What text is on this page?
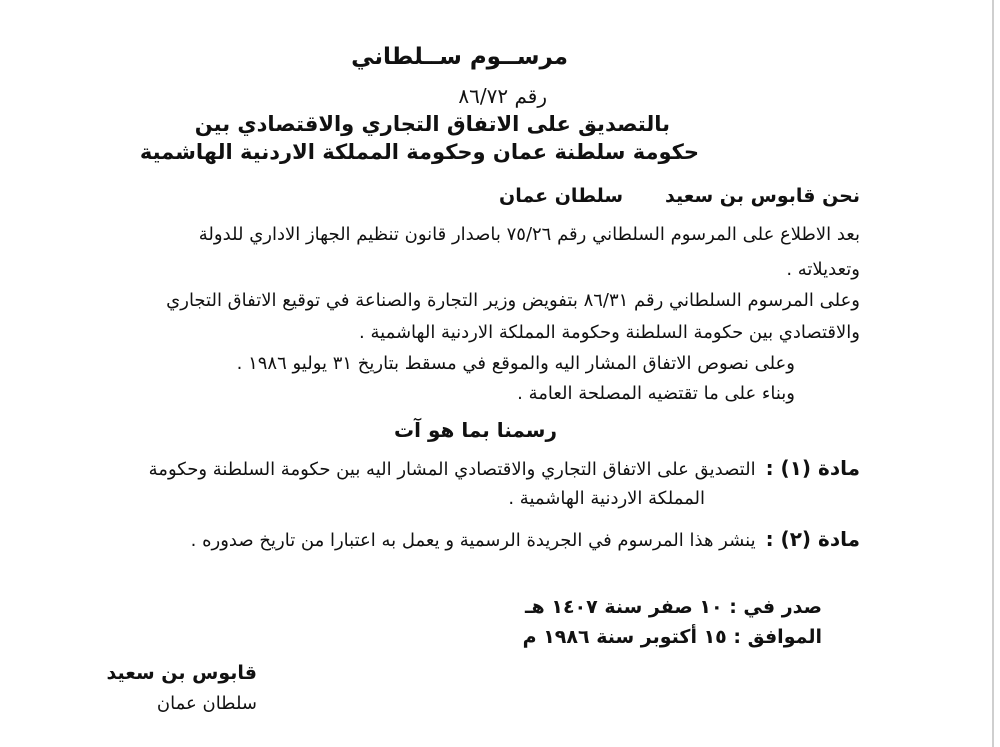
مرســوم ســلطاني
رقم ٨٦/٧٢
بالتصديق على الاتفاق التجاري والاقتصادي بين
حكومة سلطنة عمان وحكومة المملكة الاردنية الهاشمية
نحن قابوس بن سعيدسلطان عمان
بعد الاطلاع على المرسوم السلطاني رقم ٧٥/٢٦ باصدار قانون تنظيم الجهاز الاداري للدولة
وتعديلاته .
وعلى المرسوم السلطاني رقم ٨٦/٣١ بتفويض وزير التجارة والصناعة في توقيع الاتفاق التجاري
والاقتصادي بين حكومة السلطنة وحكومة المملكة الاردنية الهاشمية .
وعلى نصوص الاتفاق المشار اليه والموقع في مسقط بتاريخ ٣١ يوليو ١٩٨٦ .
وبناء على ما تقتضيه المصلحة العامة .
رسمنا بما هو آت
مادة (١) :التصديق على الاتفاق التجاري والاقتصادي المشار اليه بين حكومة السلطنة وحكومة
المملكة الاردنية الهاشمية .
مادة (٢) :ينشر هذا المرسوم في الجريدة الرسمية و يعمل به اعتبارا من تاريخ صدوره .
صدر في : ١٠ صفر سنة ١٤٠٧ هـ
الموافق : ١٥ أكتوبر سنة ١٩٨٦ م
قابوس بن سعيد
سلطان عمان
